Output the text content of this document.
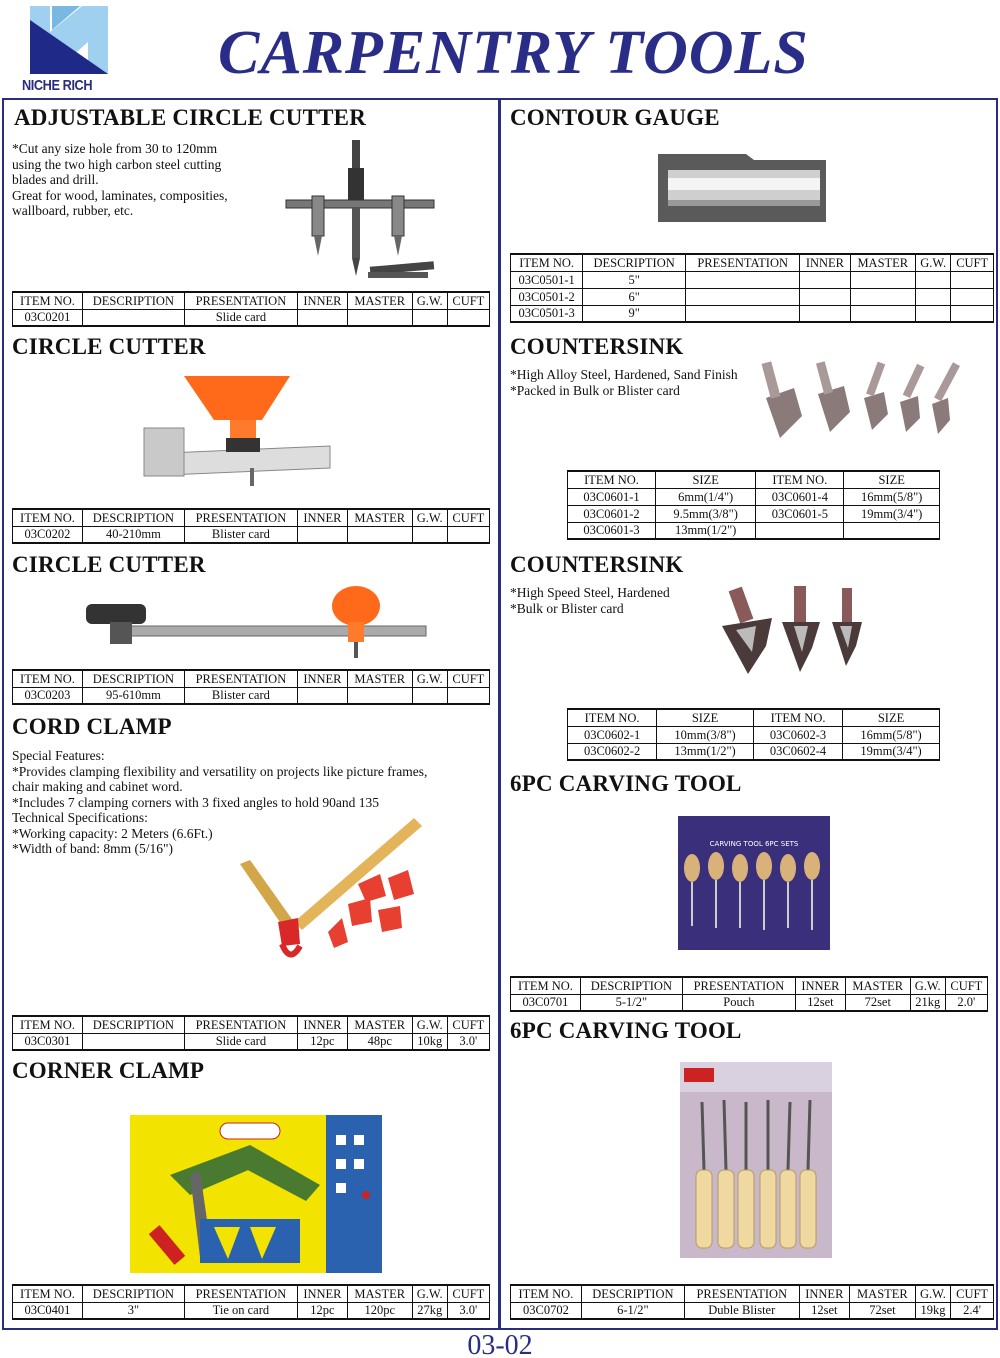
NICHE RICH CARPENTRY TOOLS
ADJUSTABLE CIRCLE CUTTER
*Cut any size hole from 30 to 120mm
using the two high carbon steel cutting
blades and drill.
Great for wood, laminates, composities,
wallboard, rubber, etc.
ITEM NO.	DESCRIPTION	PRESENTATION	INNER	MASTER	G.W.	CUFT
03C0201		Slide card				
CIRCLE CUTTER
ITEM NO.	DESCRIPTION	PRESENTATION	INNER	MASTER	G.W.	CUFT
03C0202	40-210mm	Blister card				
CIRCLE CUTTER
ITEM NO.	DESCRIPTION	PRESENTATION	INNER	MASTER	G.W.	CUFT
03C0203	95-610mm	Blister card				
CORD CLAMP
Special Features:
*Provides clamping flexibility and versatility on projects like picture frames,
chair making and cabinet word.
*Includes 7 clamping corners with 3 fixed angles to hold 90and 135
Technical Specifications:
*Working capacity: 2 Meters (6.6Ft.)
*Width of band: 8mm (5/16")
ITEM NO.	DESCRIPTION	PRESENTATION	INNER	MASTER	G.W.	CUFT
03C0301		Slide card	12pc	48pc	10kg	3.0'
CORNER CLAMP
ITEM NO.	DESCRIPTION	PRESENTATION	INNER	MASTER	G.W.	CUFT
03C0401	3"	Tie on card	12pc	120pc	27kg	3.0'
CONTOUR GAUGE
ITEM NO.	DESCRIPTION	PRESENTATION	INNER	MASTER	G.W.	CUFT
03C0501-1	5"					
03C0501-2	6"					
03C0501-3	9"					
COUNTERSINK
*High Alloy Steel, Hardened, Sand Finish
*Packed in Bulk or Blister card
ITEM NO.	SIZE	ITEM NO.	SIZE
03C0601-1	6mm(1/4")	03C0601-4	16mm(5/8")
03C0601-2	9.5mm(3/8")	03C0601-5	19mm(3/4")
03C0601-3	13mm(1/2")		
COUNTERSINK
*High Speed Steel, Hardened
*Bulk or Blister card
ITEM NO.	SIZE	ITEM NO.	SIZE
03C0602-1	10mm(3/8")	03C0602-3	16mm(5/8")
03C0602-2	13mm(1/2")	03C0602-4	19mm(3/4")
6PC CARVING TOOL
CARVING TOOL 6PC SETS
ITEM NO.	DESCRIPTION	PRESENTATION	INNER	MASTER	G.W.	CUFT
03C0701	5-1/2"	Pouch	12set	72set	21kg	2.0'
6PC CARVING TOOL
ITEM NO.	DESCRIPTION	PRESENTATION	INNER	MASTER	G.W.	CUFT
03C0702	6-1/2"	Duble Blister	12set	72set	19kg	2.4'
03-02
